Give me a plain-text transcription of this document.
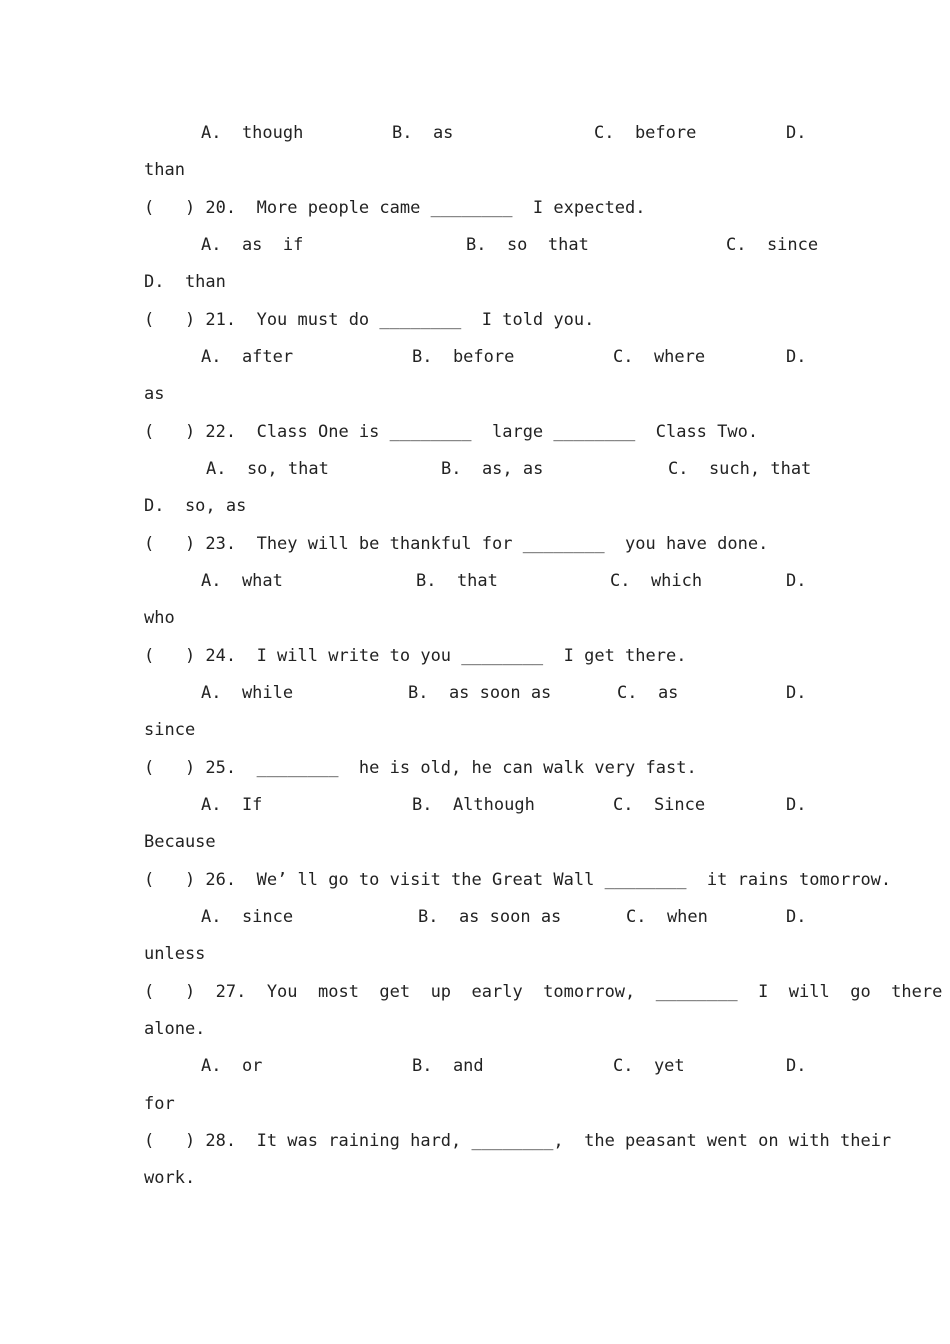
A.  though

	B.  as

	C.  before

	D.

than

(   ) 20.  More people came ________  I expected.

A.  as  if

	B.  so  that

	C.  since

D.  than

(   ) 21.  You must do ________  I told you.

A.  after

	B.  before

	C.  where

	D.

as

(   ) 22.  Class One is ________  large ________  Class Two.

A.  so, that

	B.  as, as

	C.  such, that

D.  so, as

(   ) 23.  They will be thankful for ________  you have done.

A.  what

	B.  that

	C.  which

	D.

who

(   ) 24.  I will write to you ________  I get there.

A.  while

	B.  as soon as

	C.  as

	D.

since

(   ) 25.  ________  he is old, he can walk very fast.

A.  If

	B.  Although

	C.  Since

	D.

Because

(   ) 26.  We’ ll go to visit the Great Wall ________  it rains tomorrow.

A.  since

	B.  as soon as

	C.  when

	D.

unless

(   )  27.  You  most  get  up  early  tomorrow,  ________  I  will  go  there

alone.

A.  or

	B.  and

	C.  yet

	D.

for

(   ) 28.  It was raining hard, ________,  the peasant went on with their

work.
